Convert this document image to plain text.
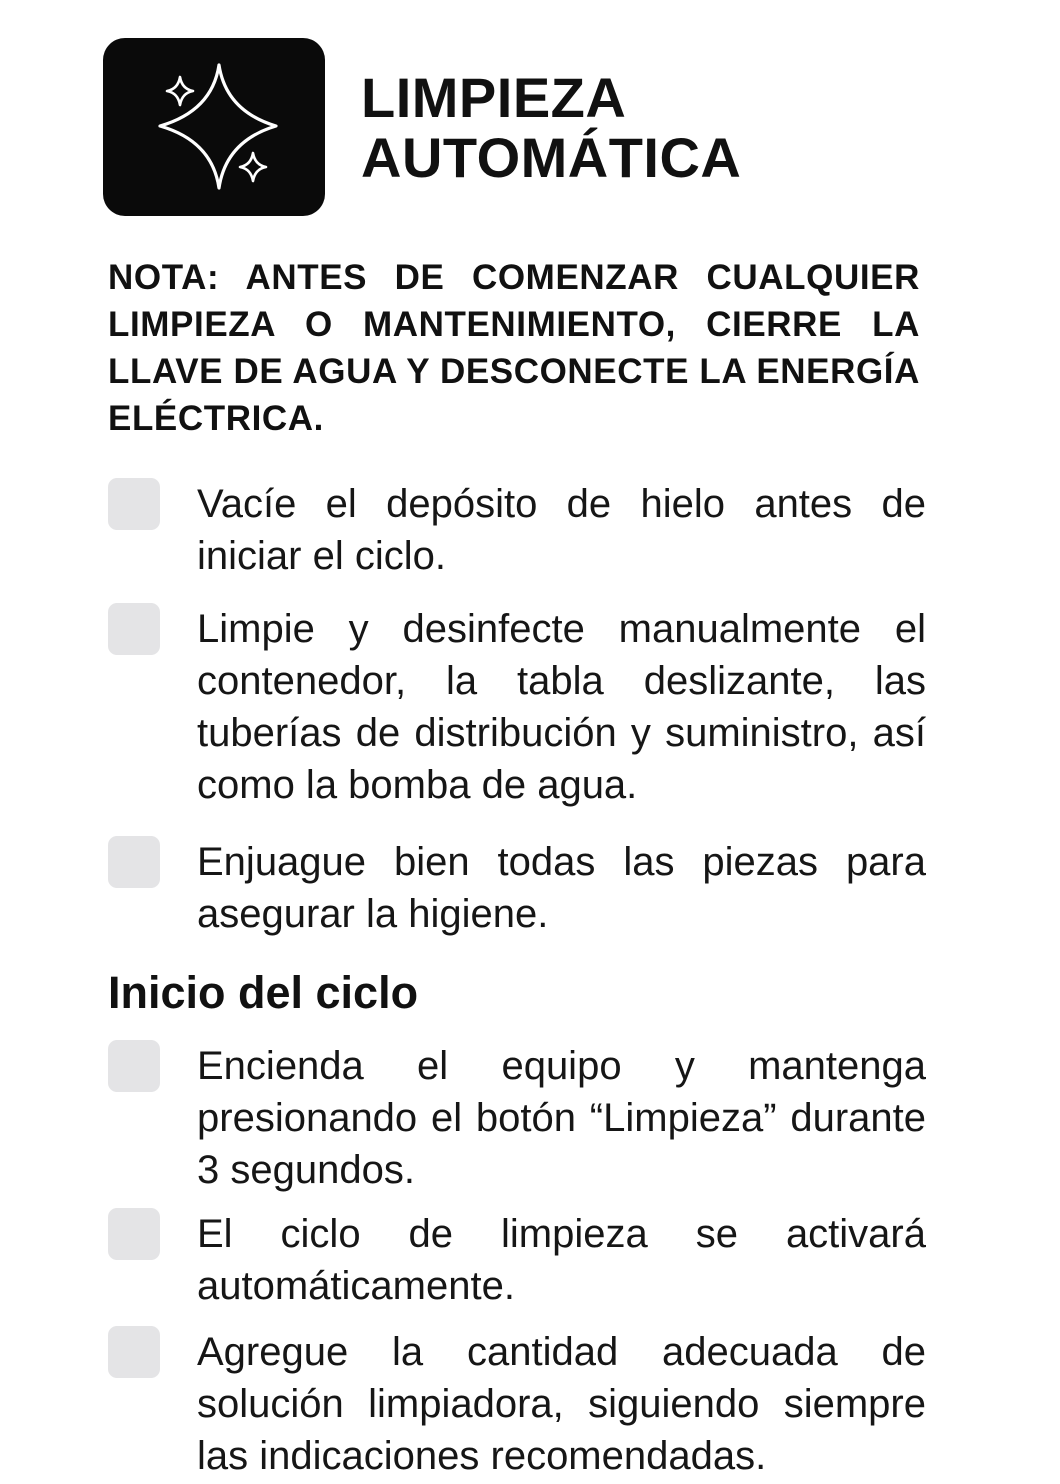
LIMPIEZA
AUTOMÁTICA

NOTA: ANTES DE COMENZAR CUALQUIER LIMPIEZA O MANTENIMIENTO, CIERRE LA LLAVE DE AGUA Y DESCONECTE LA ENERGÍA ELÉCTRICA.

Vacíe el depósito de hielo antes de iniciar el ciclo.

Limpie y desinfecte manualmente el contenedor, la tabla deslizante, las tuberías de distribución y suministro, así como la bomba de agua.

Enjuague bien todas las piezas para asegurar la higiene.

Inicio del ciclo

Encienda el equipo y mantenga presionando el botón “Limpieza” durante 3 segundos.

El ciclo de limpieza se activará automáticamente.

Agregue la cantidad adecuada de solución limpiadora, siguiendo siempre las indicaciones recomendadas.
